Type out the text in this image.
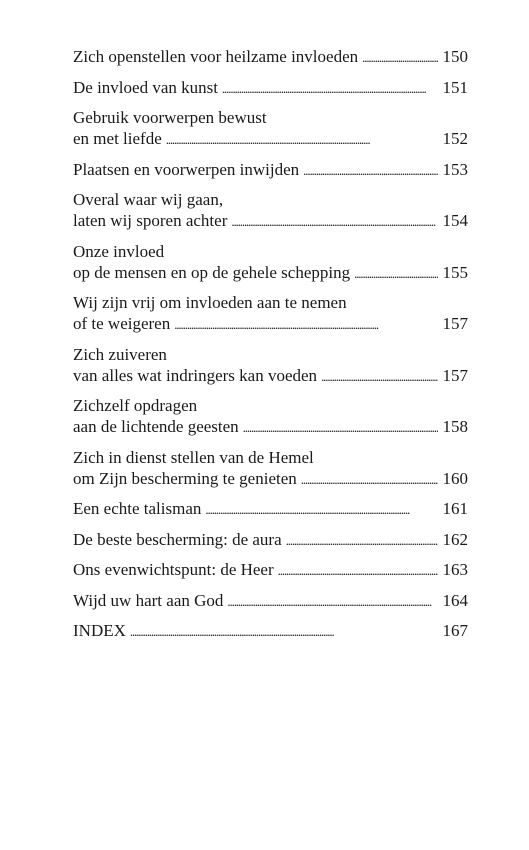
Zich openstellen voor heilzame invloeden . . .	150
De invloed van kunst . . .	151
Gebruik voorwerpen bewust
en met liefde . . .	152
Plaatsen en voorwerpen inwijden . . .	153
Overal waar wij gaan,
laten wij sporen achter . . .	154
Onze invloed
op de mensen en op de gehele schepping . . .	155
Wij zijn vrij om invloeden aan te nemen
of te weigeren . . .	157
Zich zuiveren
van alles wat indringers kan voeden . . .	157
Zichzelf opdragen
aan de lichtende geesten . . .	158
Zich in dienst stellen van de Hemel
om Zijn bescherming te genieten . . .	160
Een echte talisman . . .	161
De beste bescherming: de aura . . .	162
Ons evenwichtspunt: de Heer . . .	163
Wijd uw hart aan God . . .	164
INDEX . . .	167
